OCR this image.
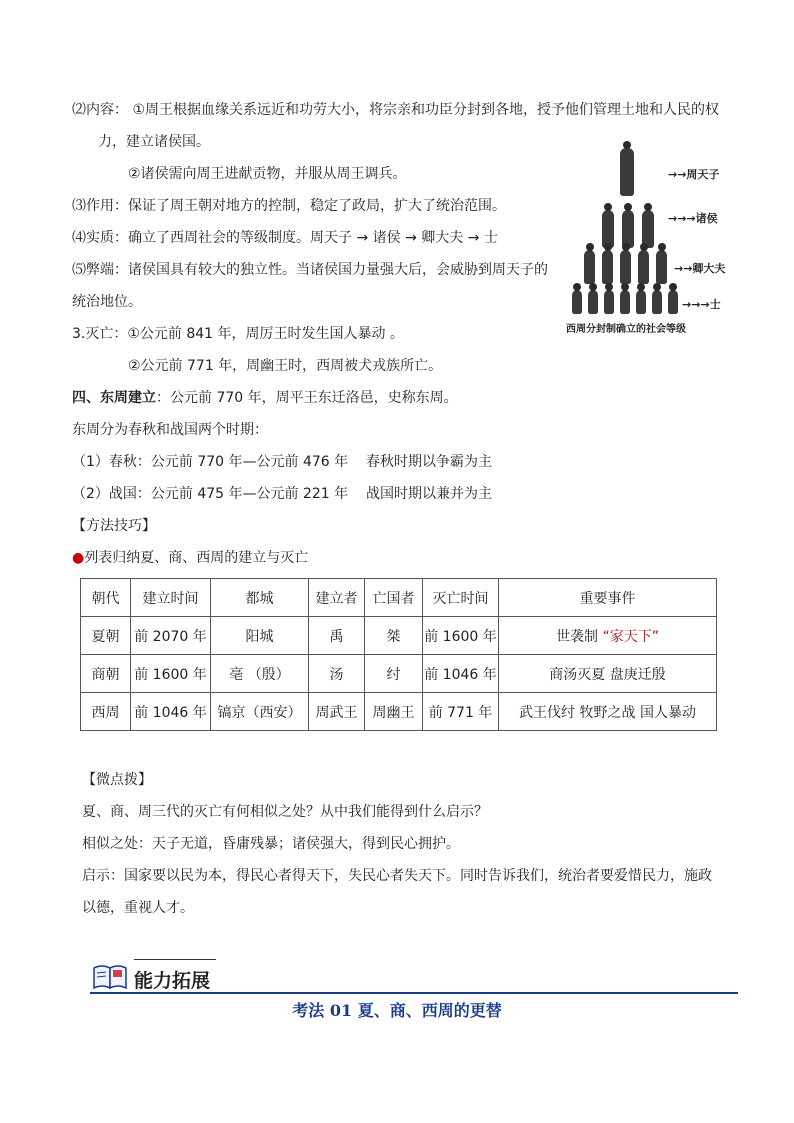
⑵内容： ①周王根据血缘关系远近和功劳大小，将宗亲和功臣分封到各地，授予他们管理土地和人民的权
力，建立诸侯国。
②诸侯需向周王进献贡物，并服从周王调兵。
⑶作用：保证了周王朝对地方的控制，稳定了政局，扩大了统治范围。
⑷实质：确立了西周社会的等级制度。周天子 → 诸侯 → 卿大夫 → 士
⑸弊端：诸侯国具有较大的独立性。当诸侯国力量强大后，会威胁到周天子的
统治地位。
3.灭亡：①公元前 841 年，周厉王时发生国人暴动 。
②公元前 771 年，周幽王时，西周被犬戎族所亡。
四、东周建立：公元前 770 年，周平王东迁洛邑，史称东周。
东周分为春秋和战国两个时期：
（1）春秋：公元前 770 年—公元前 476 年 春秋时期以争霸为主
（2）战国：公元前 475 年—公元前 221 年 战国时期以兼并为主
【方法技巧】
●列表归纳夏、商、西周的建立与灭亡
→→周天子
→→→诸侯
→→卿大夫
→→→士
西周分封制确立的社会等级
朝代	建立时间	都城	建立者	亡国者	灭亡时间	重要事件
夏朝	前 2070 年	阳城	禹	桀	前 1600 年	世袭制 “家天下”
商朝	前 1600 年	亳 （殷）	汤	纣	前 1046 年	商汤灭夏 盘庚迁殷
西周	前 1046 年	镐京（西安）	周武王	周幽王	前 771 年	武王伐纣 牧野之战 国人暴动
【微点拨】
夏、商、周三代的灭亡有何相似之处？从中我们能得到什么启示？
相似之处：天子无道，昏庸残暴；诸侯强大，得到民心拥护。
启示：国家要以民为本，得民心者得天下，失民心者失天下。同时告诉我们，统治者要爱惜民力，施政
以德，重视人才。
能力拓展
考法 01 夏、商、西周的更替
